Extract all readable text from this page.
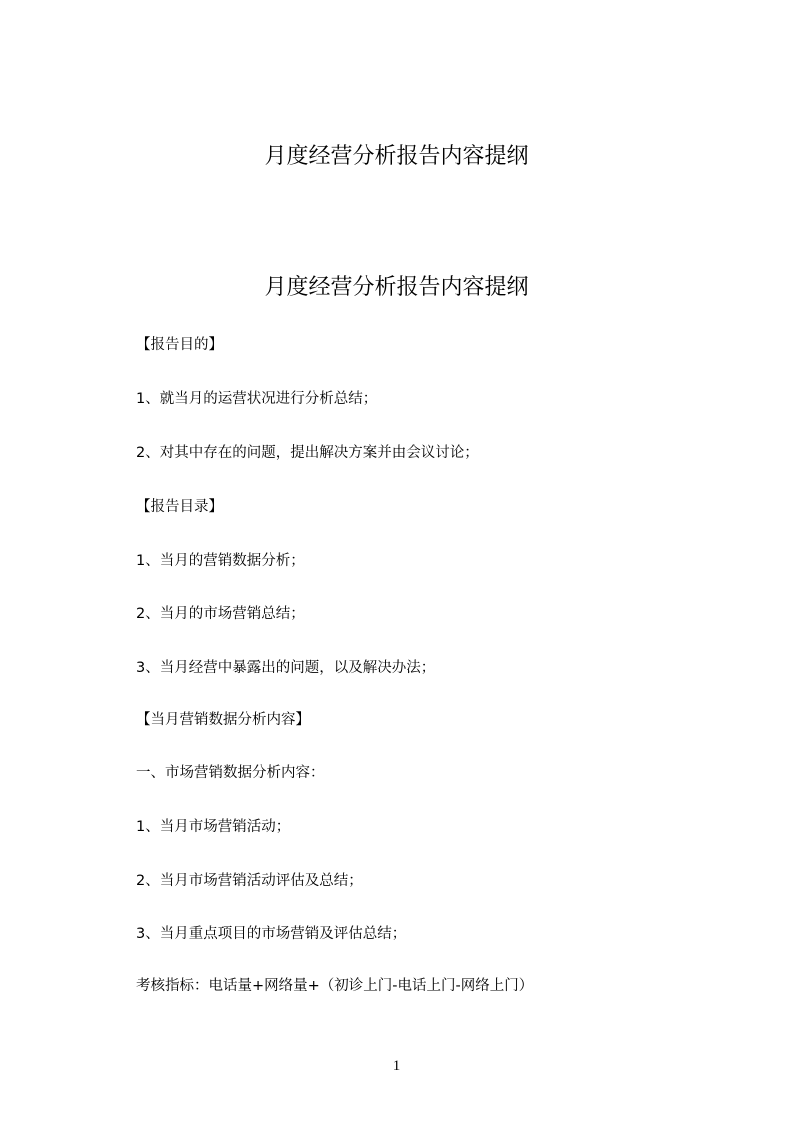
月度经营分析报告内容提纲
月度经营分析报告内容提纲

【报告目的】

1、就当月的运营状况进行分析总结；

2、对其中存在的问题，提出解决方案并由会议讨论；

【报告目录】

1、当月的营销数据分析；

2、当月的市场营销总结；

3、当月经营中暴露出的问题，以及解决办法；

【当月营销数据分析内容】

一、市场营销数据分析内容：

1、当月市场营销活动；

2、当月市场营销活动评估及总结；

3、当月重点项目的市场营销及评估总结；

考核指标：电话量+网络量+（初诊上门-电话上门-网络上门）

1
